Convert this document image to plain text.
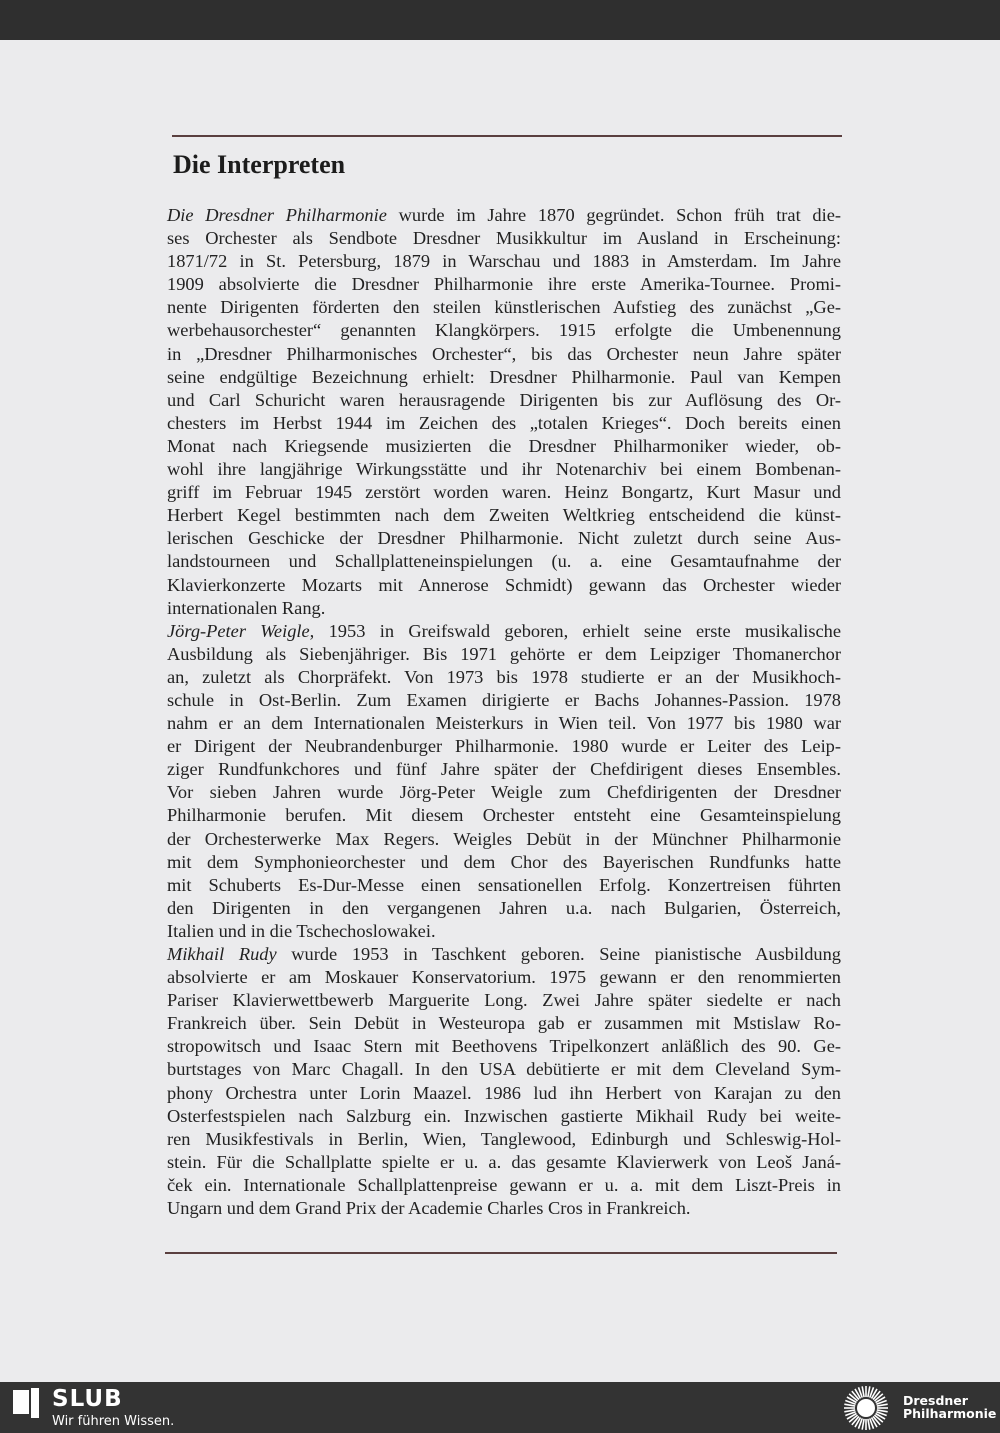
Die Interpreten
Die Dresdner Philharmonie wurde im Jahre 1870 gegründet. Schon früh trat die-
ses Orchester als Sendbote Dresdner Musikkultur im Ausland in Erscheinung:
1871/72 in St. Petersburg, 1879 in Warschau und 1883 in Amsterdam. Im Jahre
1909 absolvierte die Dresdner Philharmonie ihre erste Amerika-Tournee. Promi-
nente Dirigenten förderten den steilen künstlerischen Aufstieg des zunächst „Ge-
werbehausorchester“ genannten Klangkörpers. 1915 erfolgte die Umbenennung
in „Dresdner Philharmonisches Orchester“, bis das Orchester neun Jahre später
seine endgültige Bezeichnung erhielt: Dresdner Philharmonie. Paul van Kempen
und Carl Schuricht waren herausragende Dirigenten bis zur Auflösung des Or-
chesters im Herbst 1944 im Zeichen des „totalen Krieges“. Doch bereits einen
Monat nach Kriegsende musizierten die Dresdner Philharmoniker wieder, ob-
wohl ihre langjährige Wirkungsstätte und ihr Notenarchiv bei einem Bombenan-
griff im Februar 1945 zerstört worden waren. Heinz Bongartz, Kurt Masur und
Herbert Kegel bestimmten nach dem Zweiten Weltkrieg entscheidend die künst-
lerischen Geschicke der Dresdner Philharmonie. Nicht zuletzt durch seine Aus-
landstourneen und Schallplatteneinspielungen (u. a. eine Gesamtaufnahme der
Klavierkonzerte Mozarts mit Annerose Schmidt) gewann das Orchester wieder
internationalen Rang.
Jörg-Peter Weigle, 1953 in Greifswald geboren, erhielt seine erste musikalische
Ausbildung als Siebenjähriger. Bis 1971 gehörte er dem Leipziger Thomanerchor
an, zuletzt als Chorpräfekt. Von 1973 bis 1978 studierte er an der Musikhoch-
schule in Ost-Berlin. Zum Examen dirigierte er Bachs Johannes-Passion. 1978
nahm er an dem Internationalen Meisterkurs in Wien teil. Von 1977 bis 1980 war
er Dirigent der Neubrandenburger Philharmonie. 1980 wurde er Leiter des Leip-
ziger Rundfunkchores und fünf Jahre später der Chefdirigent dieses Ensembles.
Vor sieben Jahren wurde Jörg-Peter Weigle zum Chefdirigenten der Dresdner
Philharmonie berufen. Mit diesem Orchester entsteht eine Gesamteinspielung
der Orchesterwerke Max Regers. Weigles Debüt in der Münchner Philharmonie
mit dem Symphonieorchester und dem Chor des Bayerischen Rundfunks hatte
mit Schuberts Es-Dur-Messe einen sensationellen Erfolg. Konzertreisen führten
den Dirigenten in den vergangenen Jahren u.a. nach Bulgarien, Österreich,
Italien und in die Tschechoslowakei.
Mikhail Rudy wurde 1953 in Taschkent geboren. Seine pianistische Ausbildung
absolvierte er am Moskauer Konservatorium. 1975 gewann er den renommierten
Pariser Klavierwettbewerb Marguerite Long. Zwei Jahre später siedelte er nach
Frankreich über. Sein Debüt in Westeuropa gab er zusammen mit Mstislaw Ro-
stropowitsch und Isaac Stern mit Beethovens Tripelkonzert anläßlich des 90. Ge-
burtstages von Marc Chagall. In den USA debütierte er mit dem Cleveland Sym-
phony Orchestra unter Lorin Maazel. 1986 lud ihn Herbert von Karajan zu den
Osterfestspielen nach Salzburg ein. Inzwischen gastierte Mikhail Rudy bei weite-
ren Musikfestivals in Berlin, Wien, Tanglewood, Edinburgh und Schleswig-Hol-
stein. Für die Schallplatte spielte er u. a. das gesamte Klavierwerk von Leoš Janá-
ček ein. Internationale Schallplattenpreise gewann er u. a. mit dem Liszt-Preis in
Ungarn und dem Grand Prix der Academie Charles Cros in Frankreich.
SLUB
Wir führen Wissen.
Dresdner
Philharmonie
